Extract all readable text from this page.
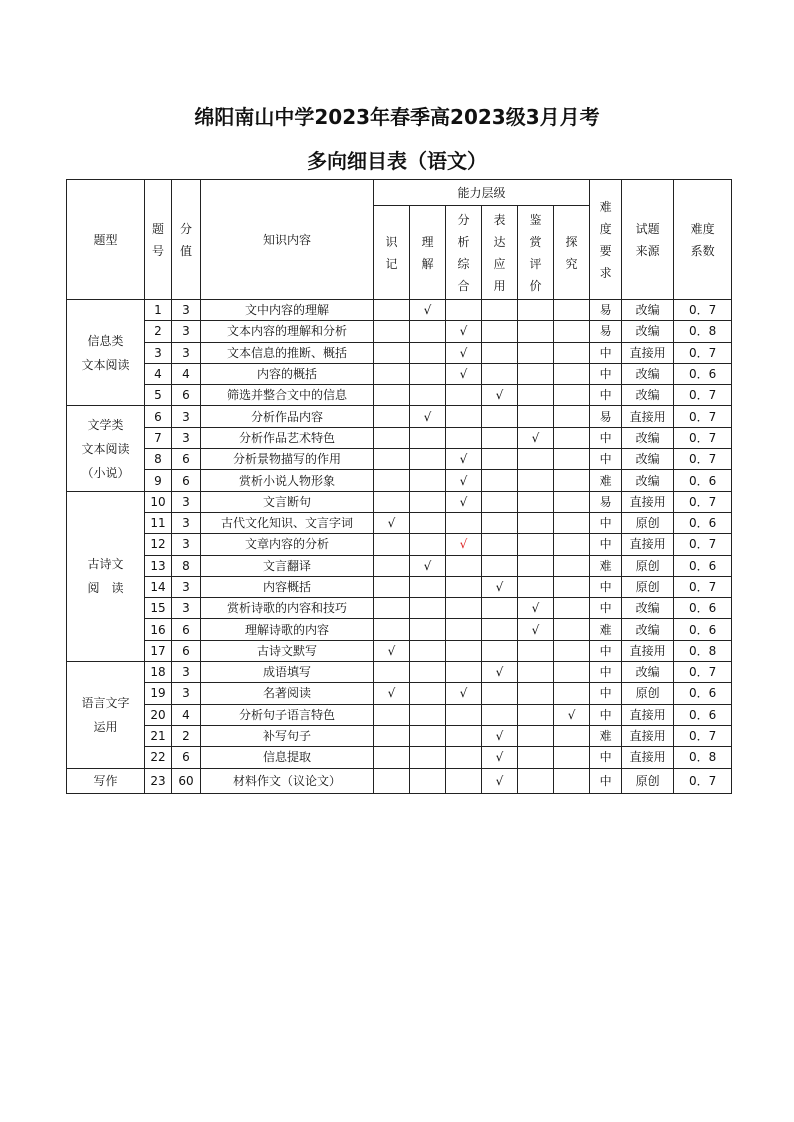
绵阳南山中学2023年春季高2023级3月月考
多向细目表（语文）
题型	题号	分值	知识内容	能力层级						难度要求	试题来源	难度系数
				识记	理解	分析综合	表达应用	鉴赏评价	探究			

信息类
文本阅读	1	3	文中内容的理解		√					易	改编	0．7
	2	3	文本内容的理解和分析			√				易	改编	0．8
	3	3	文本信息的推断、概括			√				中	直接用	0．7
	4	4	内容的概括			√				中	改编	0．6
	5	6	筛选并整合文中的信息				√			中	改编	0．7

文学类
文本阅读
（小说）	6	3	分析作品内容		√					易	直接用	0．7
	7	3	分析作品艺术特色					√		中	改编	0．7
	8	6	分析景物描写的作用			√				中	改编	0．7
	9	6	赏析小说人物形象			√				难	改编	0．6

古诗文
阅　读	10	3	文言断句			√				易	直接用	0．7
	11	3	古代文化知识、文言字词	√						中	原创	0．6
	12	3	文章内容的分析			√				中	直接用	0．7
	13	8	文言翻译		√					难	原创	0．6
	14	3	内容概括				√			中	原创	0．7
	15	3	赏析诗歌的内容和技巧					√		中	改编	0．6
	16	6	理解诗歌的内容					√		难	改编	0．6
	17	6	古诗文默写	√						中	直接用	0．8

语言文字
运用	18	3	成语填写				√			中	改编	0．7
	19	3	名著阅读	√		√				中	原创	0．6
	20	4	分析句子语言特色						√	中	直接用	0．6
	21	2	补写句子				√			难	直接用	0．7
	22	6	信息提取				√			中	直接用	0．8

写作	23	60	材料作文（议论文）				√			中	原创	0．7
